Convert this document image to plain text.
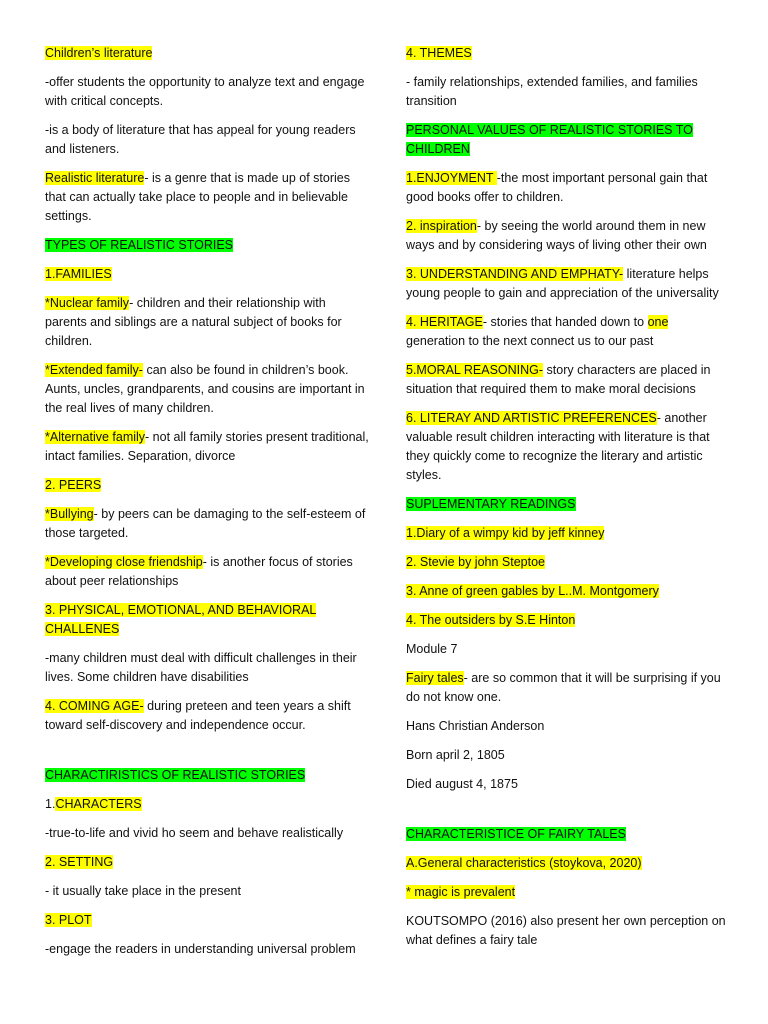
Children’s literature

-offer students the opportunity to analyze text and engage with critical concepts.

-is a body of literature that has appeal for young readers and listeners.

Realistic literature- is a genre that is made up of stories that can actually take place to people and in believable settings.

TYPES OF REALISTIC STORIES

1.FAMILIES

*Nuclear family- children and their relationship with parents and siblings are a natural subject of books for children.

*Extended family- can also be found in children’s book. Aunts, uncles, grandparents, and cousins are important in the real lives of many children.

*Alternative family- not all family stories present traditional, intact families. Separation, divorce

2. PEERS

*Bullying- by peers can be damaging to the self-esteem of those targeted.

*Developing close friendship- is another focus of stories about peer relationships

3. PHYSICAL, EMOTIONAL, AND BEHAVIORAL CHALLENES

-many children must deal with difficult challenges in their lives. Some children have disabilities

4. COMING AGE- during preteen and teen years a shift toward self-discovery and independence occur.

CHARACTIRISTICS OF REALISTIC STORIES

1.CHARACTERS

-true-to-life and vivid ho seem and behave realistically

2. SETTING

- it usually take place in the present

3. PLOT

-engage the readers in understanding universal problem

4. THEMES

- family relationships, extended families, and families transition

PERSONAL VALUES OF REALISTIC STORIES TO CHILDREN

1.ENJOYMENT -the most important personal gain that good books offer to children.

2. inspiration- by seeing the world around them in new ways and by considering ways of living other their own

3. UNDERSTANDING AND EMPHATY- literature helps young people to gain and appreciation of the universality

4. HERITAGE- stories that handed down to one generation to the next connect us to our past

5.MORAL REASONING- story characters are placed in situation that required them to make moral decisions

6. LITERAY AND ARTISTIC PREFERENCES- another valuable result children interacting with literature is that they quickly come to recognize the literary and artistic styles.

SUPLEMENTARY READINGS

1.Diary of a wimpy kid by jeff kinney

2. Stevie by john Steptoe

3. Anne of green gables by L..M. Montgomery

4. The outsiders by S.E Hinton

Module 7

Fairy tales- are so common that it will be surprising if you do not know one.

Hans Christian Anderson

Born april 2, 1805

Died august 4, 1875

CHARACTERISTICE OF FAIRY TALES

A.General characteristics (stoykova, 2020)

* magic is prevalent

KOUTSOMPO (2016) also present her own perception on what defines a fairy tale
